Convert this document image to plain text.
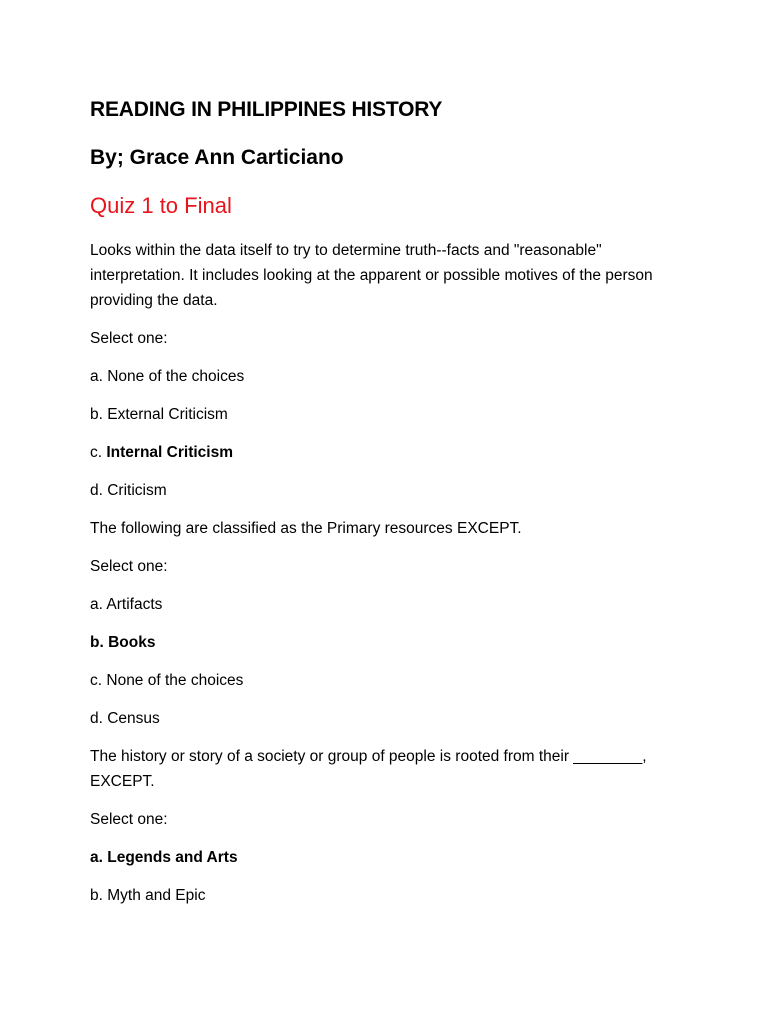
READING IN PHILIPPINES HISTORY
By; Grace Ann Carticiano
Quiz 1 to Final
Looks within the data itself to try to determine truth--facts and "reasonable" interpretation. It includes looking at the apparent or possible motives of the person providing the data.
Select one:
a. None of the choices
b. External Criticism
c. Internal Criticism
d. Criticism
The following are classified as the Primary resources EXCEPT.
Select one:
a. Artifacts
b. Books
c. None of the choices
d. Census
The history or story of a society or group of people is rooted from their ________, EXCEPT.
Select one:
a. Legends and Arts
b. Myth and Epic
